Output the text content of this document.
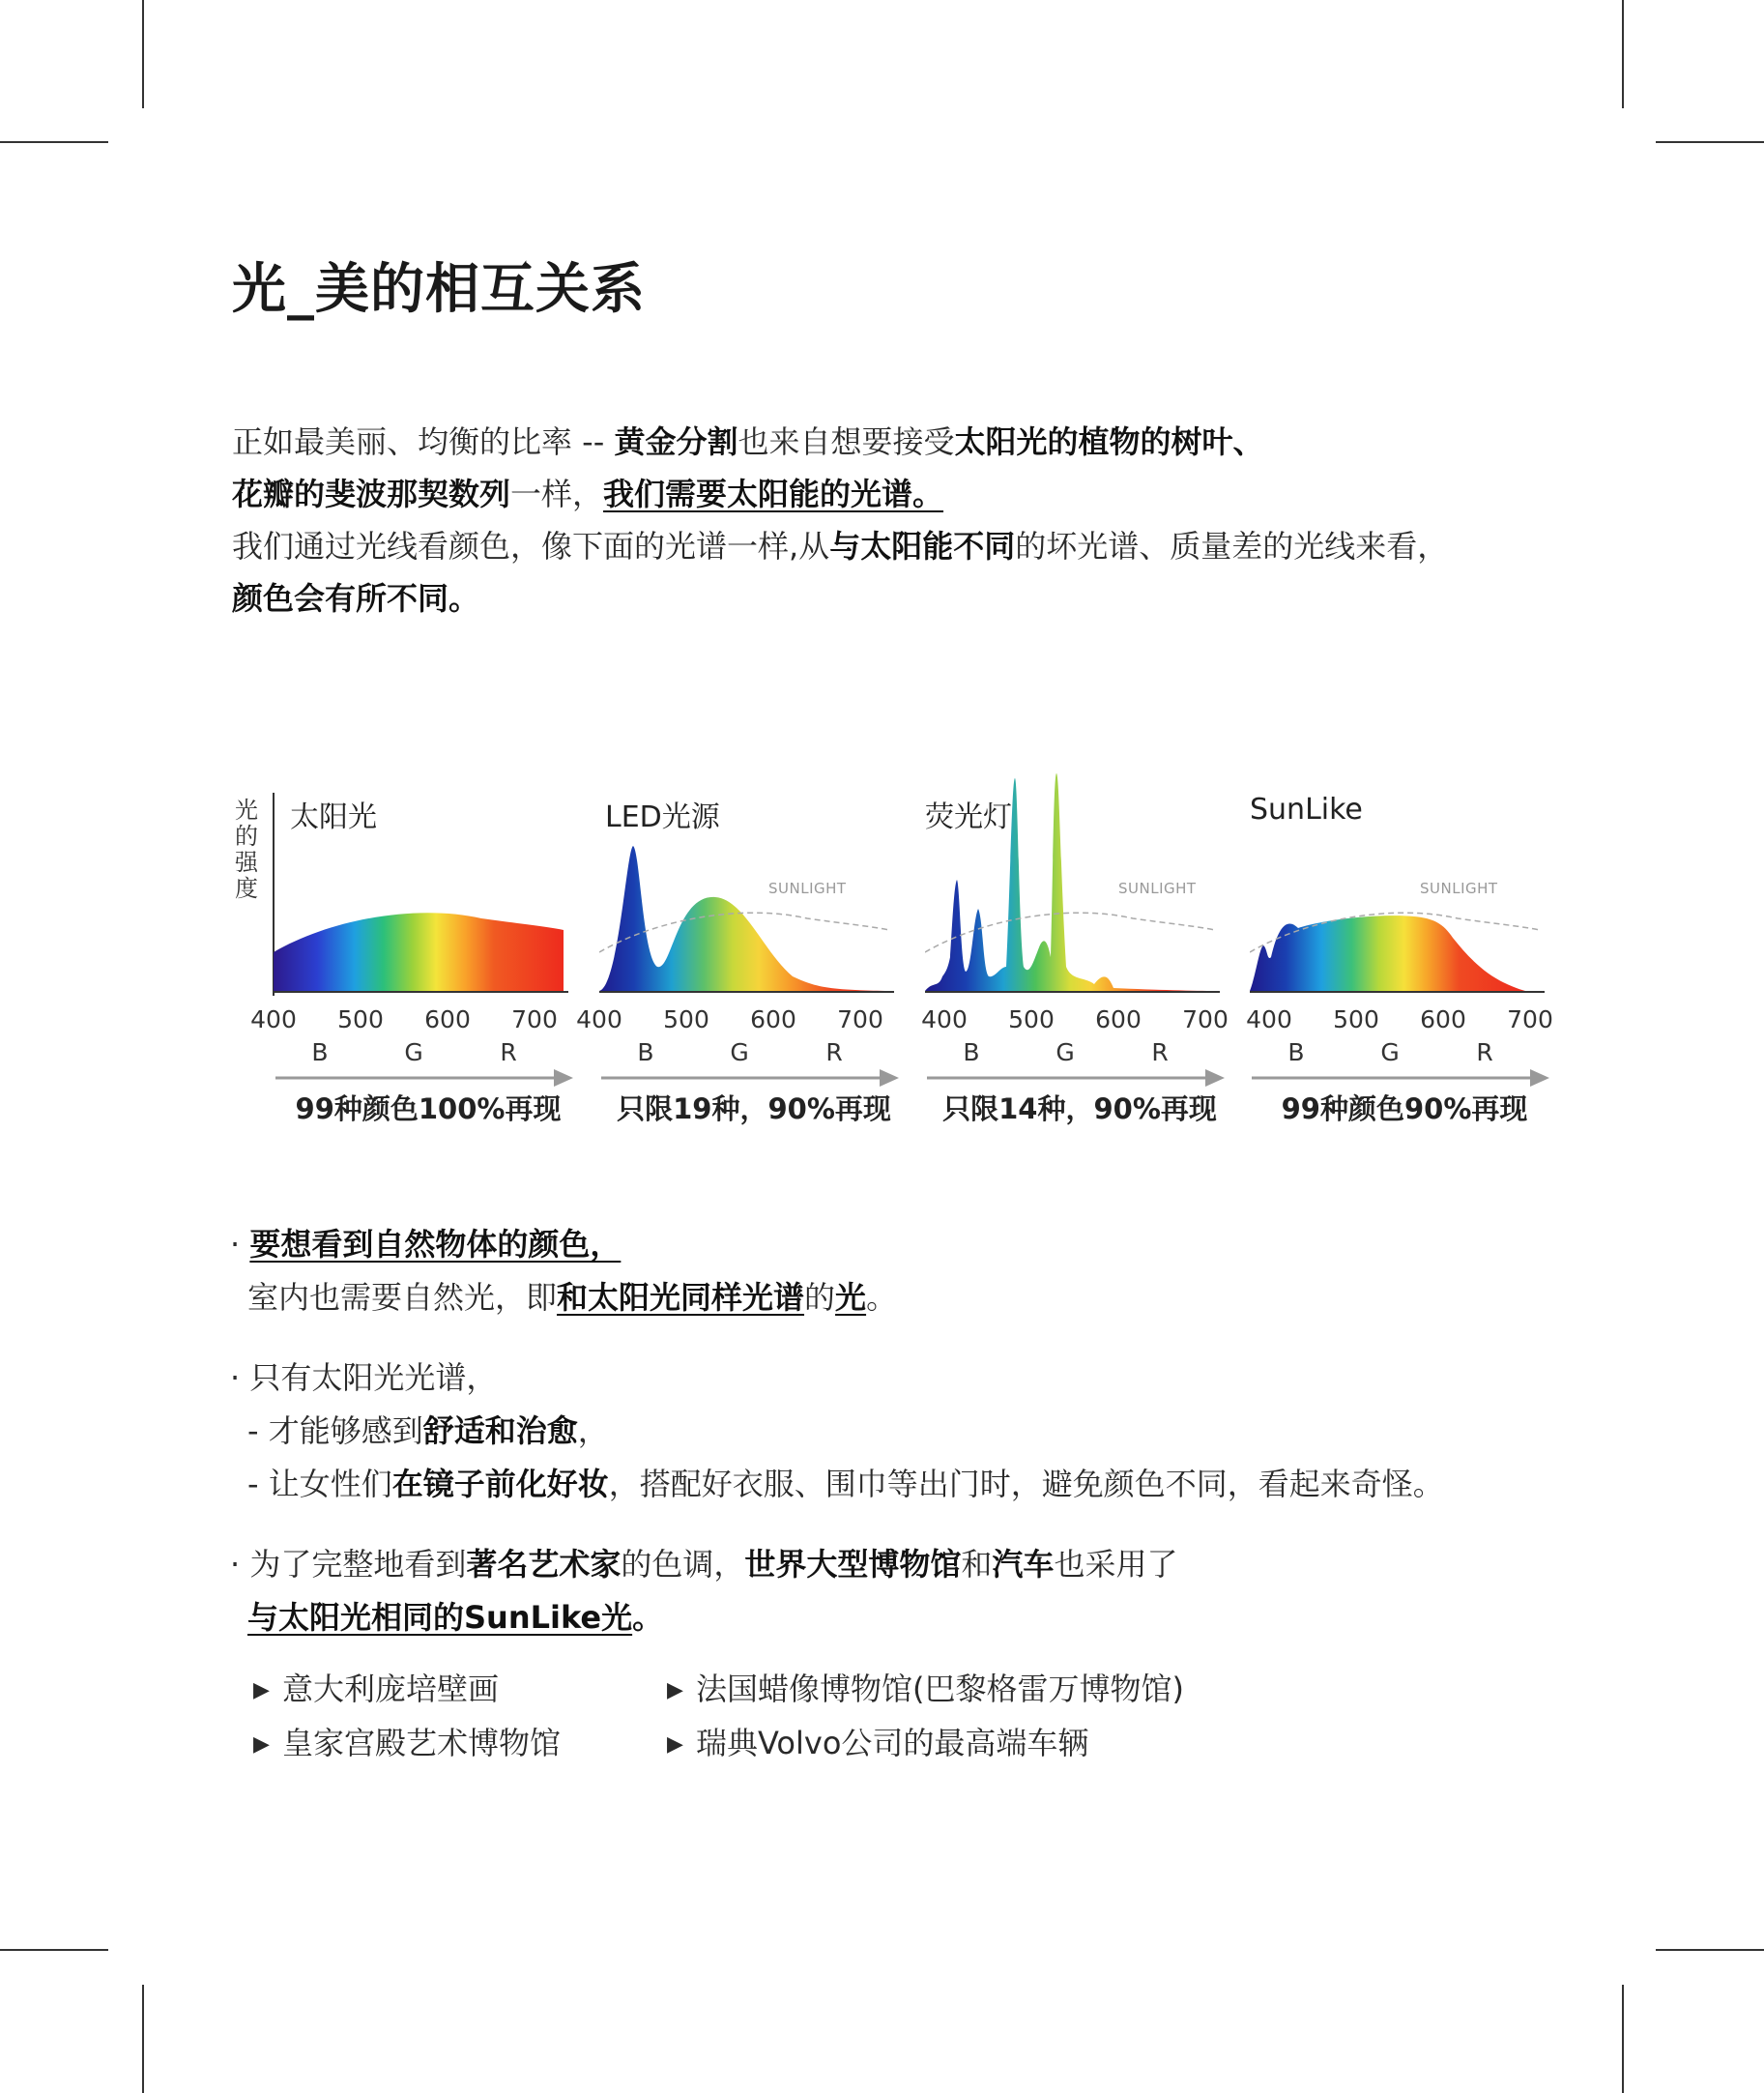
光_美的相互关系
正如最美丽、均衡的比率 -- 黄金分割也来自想要接受太阳光的植物的树叶、
花瓣的斐波那契数列一样，我们需要太阳能的光谱。
我们通过光线看颜色，像下面的光谱一样,从与太阳能不同的坏光谱、质量差的光线来看，
颜色会有所不同。
光
的
强
度
太阳光
400 500 600 700
B	G	R
99种颜色100%再现
LED光源
SUNLIGHT
400 500 600 700
B	G	R
只限19种，90%再现
荧光灯
SUNLIGHT
400 500 600 700
B	G	R
只限14种，90%再现
SunLike
SUNLIGHT
400 500 600 700
B	G	R
99种颜色90%再现
· 要想看到自然物体的颜色，
室内也需要自然光，即和太阳光同样光谱的光。
· 只有太阳光光谱，
- 才能够感到舒适和治愈，
- 让女性们在镜子前化好妆，搭配好衣服、围巾等出门时，避免颜色不同，看起来奇怪。
· 为了完整地看到著名艺术家的色调，世界大型博物馆和汽车也采用了
与太阳光相同的SunLike光。
▶ 意大利庞培壁画
▶ 皇家宫殿艺术博物馆
▶ 法国蜡像博物馆(巴黎格雷万博物馆)
▶ 瑞典Volvo公司的最高端车辆
